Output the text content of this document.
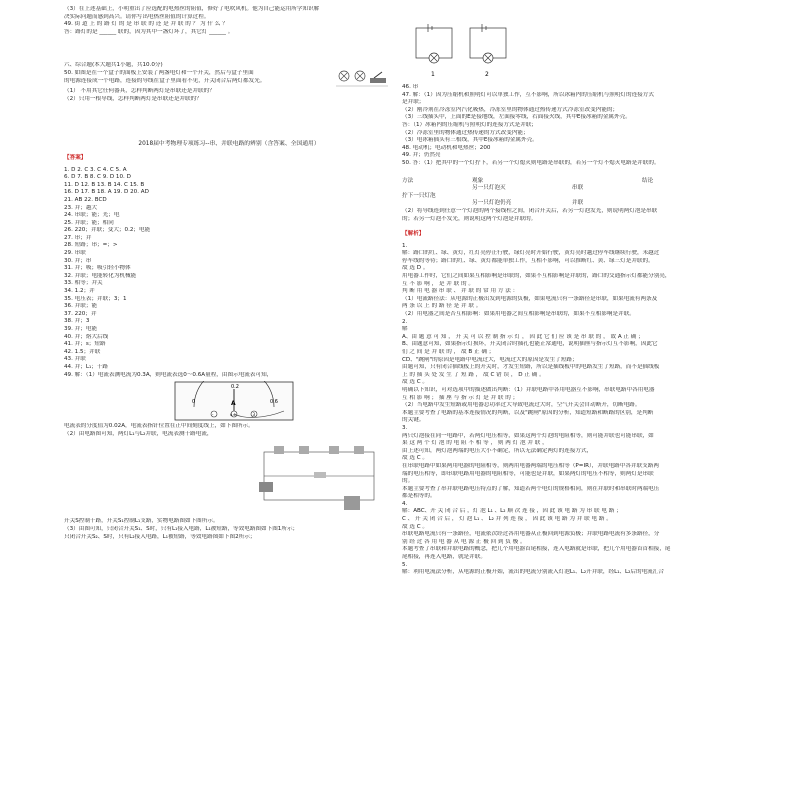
（3）在上述基础上，小明重出了应选配的电热丝的阻值，修好了电吹风机。他为自己能运用所学知识解
决实际问题而感到高兴。请你写出电热丝阻值的计算过程。
49. 街 道 上 的 路 灯 的 是 串 联 的 还 是 并 联 的 ？ 为 什 么 ？
答：路灯的是 ______ 联的，因为其中一盏灯坏了，其它灯 ______ 。
六、综合题(本大题共1小题，共10.0分)
50. 如图是在一个盒子的面板上安装了两盏电灯和一个开关，然后与盒子里面
的电源连接成一个电路，连接的导线在盒子里面看不见，开关闭合后两灯都发光。
（1） 不用其它任何器具，怎样判断两灯是串联还是并联的？
（2）只用一根导线，怎样判断两灯是串联还是并联的？
2018届中考物理专项练习--串、并联电路的辨别（含答案、全国通用）
【答案】
1. D 2. C 3. C 4. C 5. A
6. D 7. B 8. C 9. D 10. D
11. D 12. B 13. B 14. C 15. B
16. D 17. B 18. A 19. D 20. AD
21. AB 22. BCD
23. 并；越大
24. 串联；能；光；电
25. 并联；能；相同
26. 220；并联；变大；0.2；电能
27. 串；并
28. 短路；串；=；>
29. 串联
30. 并；串
31. 并；吸；吸引轻小物体
32. 并联；电能转化为机械能
33. 相等；并关
34. 1.2；并
35. 电压表；并联；3；1
36. 并联；能
37. 220；并
38. 并；3
39. 并；电能
40. 并；熔大后线
41. 并；s；短路
42. 1.5；并联
43. 并联
44. 并；L₁；干路
49. 解：（1）电流表测电流为0.3A，则电流表选0～0.6A量程，由图示电流表可知，
0
0.2
0.6
A
-	0.6	3
电流表的分度值为0.02A，电流表指针位置在正中间刻度线上，如下图所示。
（2）由电路图可知，两灯L₁与L₂并联，电流表测干路电流，
开关S控制干路，开关S₁控制L₁支路，实物电路图如下图所示。
（3）由图可知，只闭合开关S₁、S时，只有L₁接入电路，L₁被短路，等效电路图如下图1所示；
只闭合开关S₂、S时，只有L₂接入电路，L₁被短路，等效电路图如下图2所示；
1	2
46. 串
47. 解：（1）因为压缩机和照明灯可以单独工作，互不影响，所以冰箱内的压缩机与照明灯的连接方式
是并联；
（2）刚冷剂在冷冻室内汽化吸热，冷冻室里的物体通过热传递方式冷冻室改变内能的；
（3）三线插头中，上面的E是接地线，左面接零线，右面接火线，其中E接冰箱的金属外壳。
答：（1）冰箱内的压缩机与照明灯的连接方式是并联；
（2）冷冻室里的物体通过热传递的方式改变内能；
（3）电冰箱插头有三根线，其中E接冰箱的金属外壳。
48. 电动机；电动机和电热丝；200
49. 并；仍然亮
50. 答：（1）把其中的一个灯拧下，若另一个灯熄灭则电路是串联的，若另一个灯不熄灭电路是并联的。
方法	观象	结论
另一只灯泡灭	串联
拧下一只灯泡
另一只灯泡仍亮	并联
（2）将导线连到任意一个灯泡的两个接线柱之间，闭合开关后，若另一灯泡发光，则说明两灯泡是串联
的；若另一灯泡不发光，则说明这两个灯泡是并联的。
【解析】
1.
解：路口的红、绿、黄灯，红灯亮停止行驶，绿灯亮时开始行驶，黄灯亮时越过停车线继续行驶，未越过
停车线的等待；路口的红、绿、黄灯都能单独工作，互相不影响，可以推断红、黄、绿三灯是并联的。
故 选 D 。
用电器工作时，它们之间如果互相影响是串联的，如果不互相影响是并联的，路口的交通指示灯都能分别亮，
互 不 影 响 ， 是 并 联 的 。
判 断 用 电 器 串 联 、 并 联 的 常 用 方 法 ：
（1）电流路径法：从电源的正极出发到电源的负极，如果电流只有一条路径是串联，如果电流有两条及
两 条 以 上 的 路 径 是 并 联 。
（2）用电器之间是否互相影响：如果用电器之间互相影响是串联的，如果不互相影响是并联。
2.
解
A、由 题 意 可 知 ， 开 关 可 以 控 制 指 示 灯 ， 因 此 它 们 应 该 是 串 联 的 ， 故 A 正 确 ；
B、由题意可知，如果指示灯损坏，开关闭合时插孔也能正常通电，说明插座与指示灯互不影响，因此它
们 之 间 是 并 联 的 ， 故 B 正 确 ；
CD、"跳闸"的原因是电路中电流过大，电流过大的原因是发生了短路；
由题可知，只有闭合插线板上的开关时，才发生短路，所以是插线板中的电路发生了短路，而不是插线板
上 的 插 头 处 发 生 了 短 路 ， 故 C 错 误 ， D 正 确 。
故 选 C 。
明确以下知识，可对选项中的描述做出判断：（1）并联电路中各用电器互不影响，串联电路中各用电器
互 相 影 响 ； 插 座 与 指 示 灯 是 并 联 的 ；
（2）当电路中发生短路或用电器总功率过大导致电流过大时，空气开关会自动断开，切断电路。
本题主要考查了电路的基本连接情况的判断，以及"跳闸"原因的分析，知道短路和断路的区别，是判断
的关键。
3.
两只灯泡接在同一电路中，若两灯电压相等，如果这两个灯泡的电阻相等，则可能并联也可能串联，如
果 这 两 个 灯 泡 的 电 阻 不 相 等 ， 则 两 灯 泡 并 联 ，
由上述可知，两灯泡两端的电压大小不确定，所以无法确定两灯的连接方式，
故 选 C 。
在串联电路中如果两用电器的电阻相等，则两用电器两端的电压相等（P=IR），并联电路中各并联支路两
端的电压相等，即串联电路用电器的电阻相等，可能也是并联，如果两灯的电压不相等，则两灯是串联
的。
本题主要考查了串并联电路电压特点的了解，知道若两个电灯的规格相同，则在并联时和串联时两端电压
都是相等的。
4.
解：ABC、开 关 闭 合 后 ，灯 泡 L₁ 、L₂ 顺 次 连 接 ，因 此 该 电 路 为 串 联 电 路 ；
C 、 开 关 闭 合 后 ， 灯 泡 L₁ 、 L₂ 并 列 连 接 ， 因 此 该 电 路 为 并 联 电 路 。
故 选 C 。
串联电路电流只有一条路径，电流依次经过各用电器从正极回到电源负极；并联电路电流有多条路径，分
别 经 过 各 用 电 器 从 电 源 正 极 回 到 负 极 。
本题考查了串联和并联电路的概念，把几个用电器首尾相接，连入电路就是串联，把几个用电器首首相接，尾
尾相接，再连入电路，就是并联。
5.
解：利用电流法分析，从电源的正极开始，流出的电流分别流入灯泡L₁、L₂开并联，经L₁、L₂后的电流汇合
